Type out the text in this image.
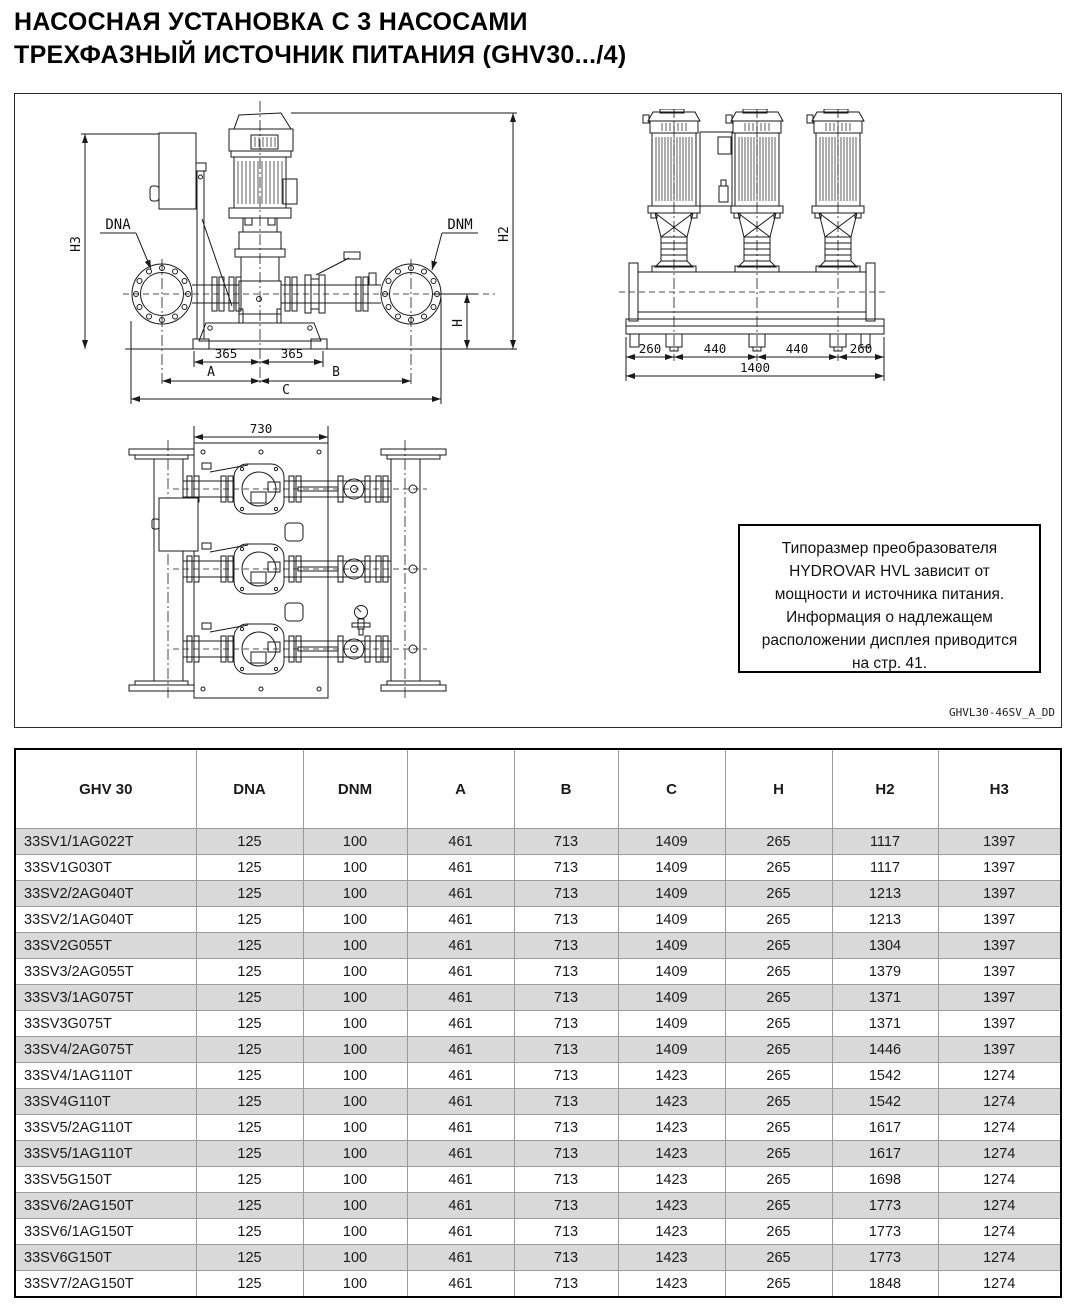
НАСОСНАЯ УСТАНОВКА С 3 НАСОСАМИ
ТРЕХФАЗНЫЙ ИСТОЧНИК ПИТАНИЯ (GHV30.../4)
DNA	DNM
H3
H2
H
365	365
A	B
C
260	440	440	260
1400
730
Типоразмер преобразователя
HYDROVAR HVL зависит от
мощности и источника питания.
Информация о надлежащем
расположении дисплея приводится
на стр. 41.
GHVL30-46SV_A_DD
GHV 30	DNA	DNM	A	B	C	H	H2	H3
33SV1/1AG022T	125	100	461	713	1409	265	1117	1397
33SV1G030T	125	100	461	713	1409	265	1117	1397
33SV2/2AG040T	125	100	461	713	1409	265	1213	1397
33SV2/1AG040T	125	100	461	713	1409	265	1213	1397
33SV2G055T	125	100	461	713	1409	265	1304	1397
33SV3/2AG055T	125	100	461	713	1409	265	1379	1397
33SV3/1AG075T	125	100	461	713	1409	265	1371	1397
33SV3G075T	125	100	461	713	1409	265	1371	1397
33SV4/2AG075T	125	100	461	713	1409	265	1446	1397
33SV4/1AG110T	125	100	461	713	1423	265	1542	1274
33SV4G110T	125	100	461	713	1423	265	1542	1274
33SV5/2AG110T	125	100	461	713	1423	265	1617	1274
33SV5/1AG110T	125	100	461	713	1423	265	1617	1274
33SV5G150T	125	100	461	713	1423	265	1698	1274
33SV6/2AG150T	125	100	461	713	1423	265	1773	1274
33SV6/1AG150T	125	100	461	713	1423	265	1773	1274
33SV6G150T	125	100	461	713	1423	265	1773	1274
33SV7/2AG150T	125	100	461	713	1423	265	1848	1274
